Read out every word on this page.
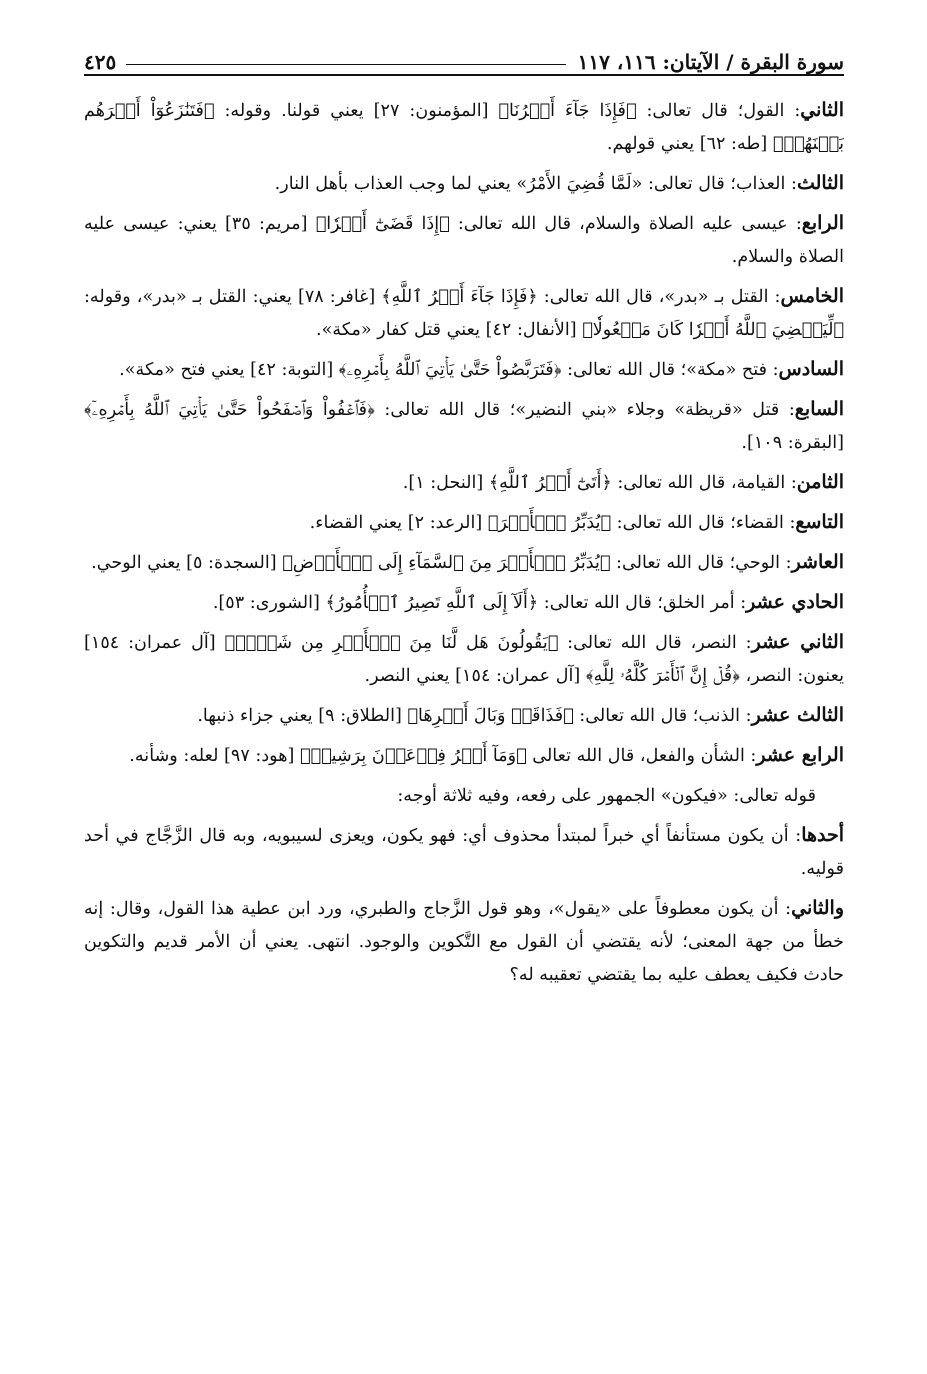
سورة البقرة / الآيتان: ١١٦، ١١٧
٤٢٥

الثاني: القول؛ قال تعالى: ﴿فَإِذَا جَآءَ أَمۡرُنَا﴾ [المؤمنون: ٢٧] يعني قولنا. وقوله: ﴿فَتَنَٰزَعُوٓاْ أَمۡرَهُم بَيۡنَهُمۡ﴾ [طه: ٦٢] يعني قولهم.

الثالث: العذاب؛ قال تعالى: «لَمَّا قُضِيَ الأَمْرُ» يعني لما وجب العذاب بأهل النار.

الرابع: عيسى عليه الصلاة والسلام، قال الله تعالى: ﴿إِذَا قَضَىٰٓ أَمۡرٗا﴾ [مريم: ٣٥] يعني: عيسى عليه الصلاة والسلام.

الخامس: القتل بـ «بدر»، قال الله تعالى: ﴿فَإِذَا جَآءَ أَمۡرُ ٱللَّهِ﴾ [غافر: ٧٨] يعني: القتل بـ «بدر»، وقوله: ﴿لِّيَقۡضِيَ ٱللَّهُ أَمۡرٗا كَانَ مَفۡعُولٗا﴾ [الأنفال: ٤٢] يعني قتل كفار «مكة».

السادس: فتح «مكة»؛ قال الله تعالى: ﴿فَتَرَبَّصُواْ حَتَّىٰ يَأۡتِيَ ٱللَّهُ بِأَمۡرِهِۦ﴾ [التوبة: ٤٢] يعني فتح «مكة».

السابع: قتل «قريظة» وجلاء «بني النضير»؛ قال الله تعالى: ﴿فَٱعۡفُواْ وَٱصۡفَحُواْ حَتَّىٰ يَأۡتِيَ ٱللَّهُ بِأَمۡرِهِۦٓ﴾ [البقرة: ١٠٩].

الثامن: القيامة، قال الله تعالى: ﴿أَتَىٰٓ أَمۡرُ ٱللَّهِ﴾ [النحل: ١].

التاسع: القضاء؛ قال الله تعالى: ﴿يُدَبِّرُ ٱلۡأَمۡرَ﴾ [الرعد: ٢] يعني القضاء.

العاشر: الوحي؛ قال الله تعالى: ﴿يُدَبِّرُ ٱلۡأَمۡرَ مِنَ ٱلسَّمَآءِ إِلَى ٱلۡأَرۡضِ﴾ [السجدة: ٥] يعني الوحي.

الحادي عشر: أمر الخلق؛ قال الله تعالى: ﴿أَلَآ إِلَى ٱللَّهِ تَصِيرُ ٱلۡأُمُورُ﴾ [الشورى: ٥٣].

الثاني عشر: النصر، قال الله تعالى: ﴿يَقُولُونَ هَل لَّنَا مِنَ ٱلۡأَمۡرِ مِن شَيۡءٖ﴾ [آل عمران: ١٥٤] يعنون: النصر، ﴿قُلۡ إِنَّ ٱلۡأَمۡرَ كُلَّهُۥ لِلَّهِ﴾ [آل عمران: ١٥٤] يعني النصر.

الثالث عشر: الذنب؛ قال الله تعالى: ﴿فَذَاقَتۡ وَبَالَ أَمۡرِهَا﴾ [الطلاق: ٩] يعني جزاء ذنبها.

الرابع عشر: الشأن والفعل، قال الله تعالى ﴿وَمَآ أَمۡرُ فِرۡعَوۡنَ بِرَشِيدٖ﴾ [هود: ٩٧] لعله: وشأنه.

قوله تعالى: «فيكون» الجمهور على رفعه، وفيه ثلاثة أوجه:

أحدها: أن يكون مستأنفاً أي خبراً لمبتدأ محذوف أي: فهو يكون، ويعزى لسيبويه، وبه قال الزَّجَّاج في أحد قوليه.

والثاني: أن يكون معطوفاً على «يقول»، وهو قول الزَّجاج والطبري، ورد ابن عطية هذا القول، وقال: إنه خطأ من جهة المعنى؛ لأنه يقتضي أن القول مع التَّكوين والوجود. انتهى. يعني أن الأمر قديم والتكوين حادث فكيف يعطف عليه بما يقتضي تعقيبه له؟
